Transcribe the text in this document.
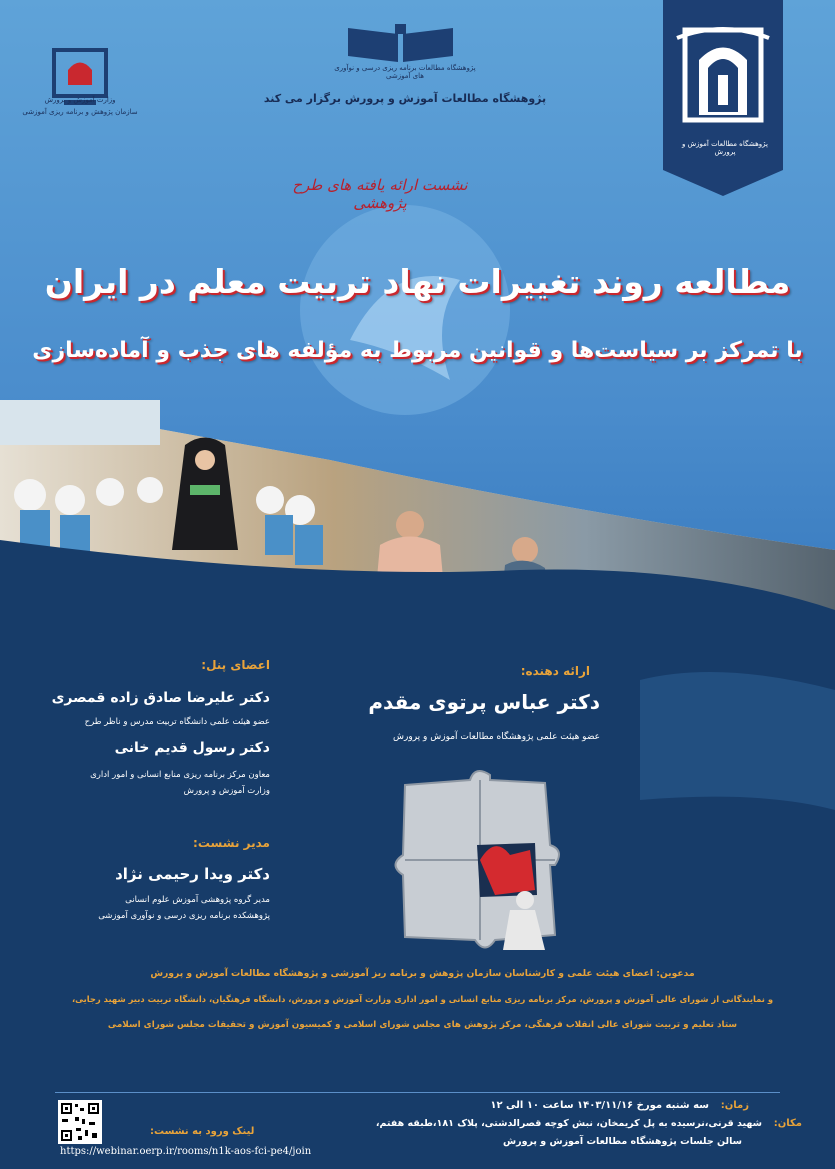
پژوهشگاه مطالعات آموزش و پرورش
وزارت آموزش و پرورش
سازمان پژوهش و برنامه ریزی آموزشی
پژوهشگاه مطالعات برنامه ریزی درسی و نوآوری های آموزشی
پژوهشگاه مطالعات آموزش و پرورش برگزار می کند
نشست ارائه یافته های طرح پژوهشی
مطالعه روند تغییرات نهاد تربیت معلم در ایران
با تمرکز بر سیاست‌ها و قوانین مربوط به مؤلفه های جذب و آماده‌سازی
ارائه دهنده:
دکتر عباس پرتوی مقدم
عضو هیئت علمی پژوهشگاه مطالعات آموزش و پرورش
اعضای پنل:
دکتر علیرضا صادق زاده قمصری
عضو هیئت علمی دانشگاه تربیت مدرس و ناظر طرح
دکتر رسول قدیم خانی
معاون مرکز برنامه ریزی منابع انسانی و امور اداری
وزارت آموزش و پرورش
مدیر نشست:
دکتر ویدا رحیمی نژاد
مدیر گروه پژوهشی آموزش علوم انسانی
پژوهشکده برنامه ریزی درسی و نوآوری آموزشی
مدعوین: اعضای هیئت علمی و کارشناسان سازمان پژوهش و برنامه ریز آموزشی و پژوهشگاه مطالعات آموزش و پرورش
و نمایندگانی از شورای عالی آموزش و پرورش، مرکز برنامه ریزی منابع انسانی و امور اداری وزارت آموزش و پرورش، دانشگاه فرهنگیان، دانشگاه تربیت دبیر شهید رجایی،
ستاد تعلیم و تربیت شورای عالی انقلاب فرهنگی، مرکز پژوهش های مجلس شورای اسلامی و کمیسیون آموزش و تحقیقات مجلس شورای اسلامی
زمان:
سه شنبه مورخ ۱۴۰۳/۱۱/۱۶ ساعت ۱۰ الی ۱۲
مکان:
شهید قرنی،نرسیده به پل کریمخان، نبش کوچه قصرالدشتی، پلاک ۱۸۱،طبقه هفتم،
سالن جلسات پژوهشگاه مطالعات آموزش و پرورش
لینک ورود به نشست:
https://webinar.oerp.ir/rooms/n1k-aos-fci-pe4/join
